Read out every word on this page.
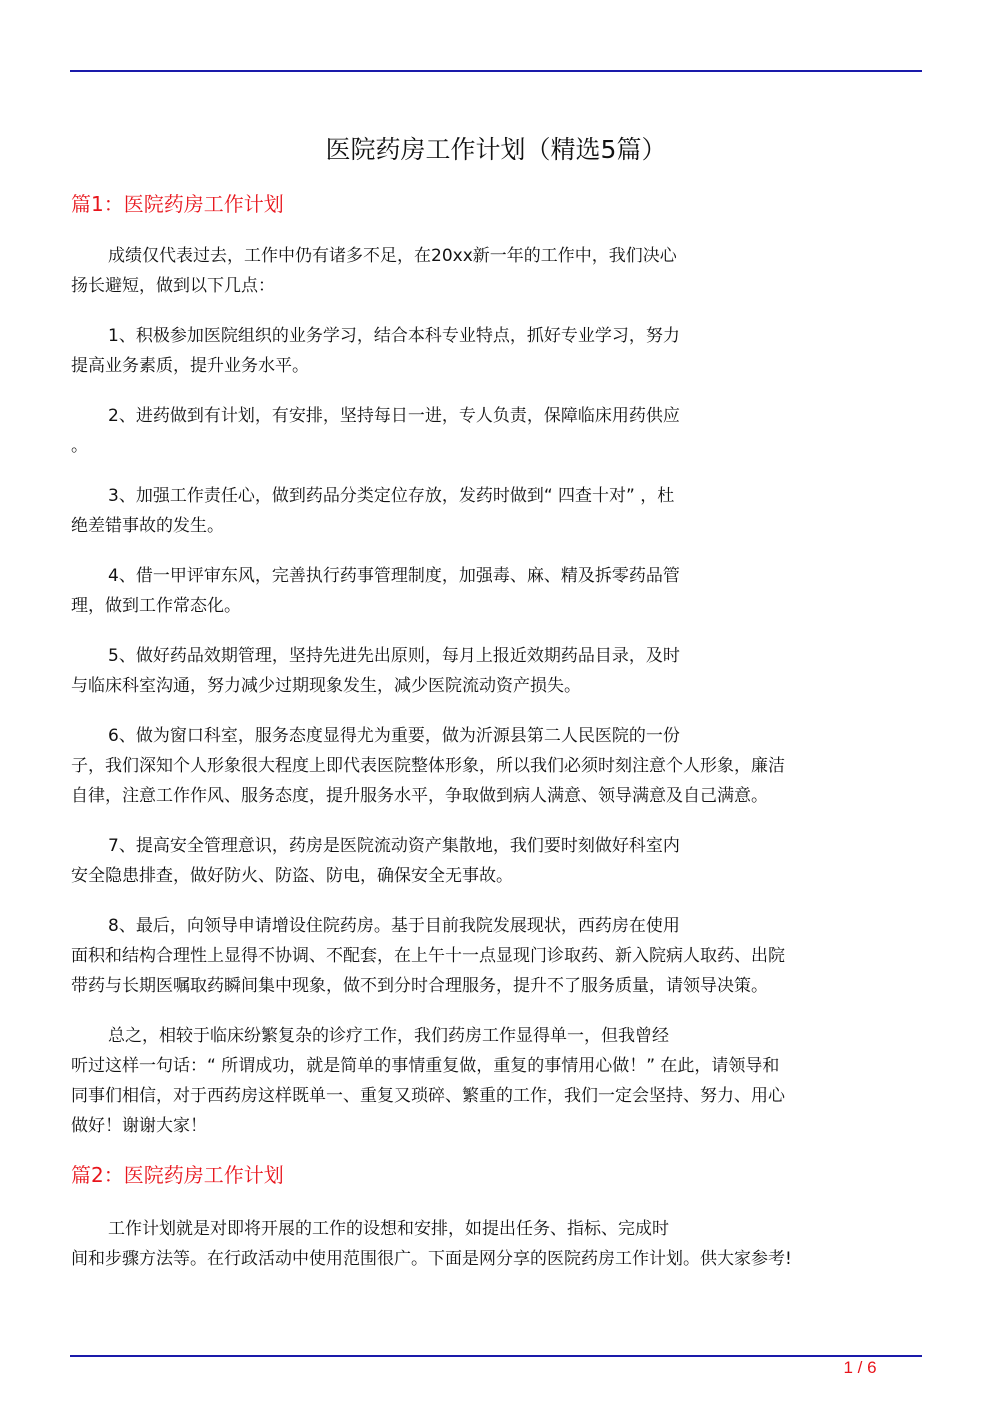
医院药房工作计划（精选5篇）
篇1：医院药房工作计划
成绩仅代表过去，工作中仍有诸多不足，在20xx新一年的工作中，我们决心
扬长避短，做到以下几点：
1、积极参加医院组织的业务学习，结合本科专业特点，抓好专业学习，努力
提高业务素质，提升业务水平。
2、进药做到有计划，有安排，坚持每日一进，专人负责，保障临床用药供应
。
3、加强工作责任心，做到药品分类定位存放，发药时做到“ 四查十对” ，杜
绝差错事故的发生。
4、借一甲评审东风，完善执行药事管理制度，加强毒、麻、精及拆零药品管
理，做到工作常态化。
5、做好药品效期管理，坚持先进先出原则，每月上报近效期药品目录，及时
与临床科室沟通，努力减少过期现象发生，减少医院流动资产损失。
6、做为窗口科室，服务态度显得尤为重要，做为沂源县第二人民医院的一份
子，我们深知个人形象很大程度上即代表医院整体形象，所以我们必须时刻注意个人形象，廉洁
自律，注意工作作风、服务态度，提升服务水平，争取做到病人满意、领导满意及自己满意。
7、提高安全管理意识，药房是医院流动资产集散地，我们要时刻做好科室内
安全隐患排查，做好防火、防盗、防电，确保安全无事故。
8、最后，向领导申请增设住院药房。基于目前我院发展现状，西药房在使用
面积和结构合理性上显得不协调、不配套，在上午十一点显现门诊取药、新入院病人取药、出院
带药与长期医嘱取药瞬间集中现象，做不到分时合理服务，提升不了服务质量，请领导决策。
总之，相较于临床纷繁复杂的诊疗工作，我们药房工作显得单一，但我曾经
听过这样一句话：“ 所谓成功，就是简单的事情重复做，重复的事情用心做！” 在此，请领导和
同事们相信，对于西药房这样既单一、重复又琐碎、繁重的工作，我们一定会坚持、努力、用心
做好！谢谢大家！
篇2：医院药房工作计划
工作计划就是对即将开展的工作的设想和安排，如提出任务、指标、完成时
间和步骤方法等。在行政活动中使用范围很广。下面是网分享的医院药房工作计划。供大家参考!
1 / 6
